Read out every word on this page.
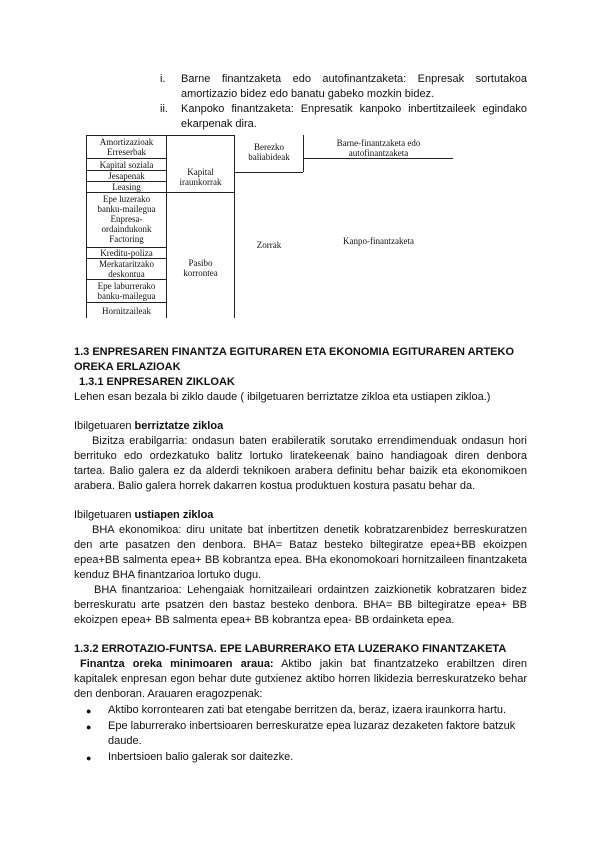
i.	Barne finantzaketa edo autofinantzaketa: Enpresak sortutakoa
amortizazio bidez edo banatu gabeko mozkin bidez.
ii.	Kanpoko finantzaketa: Enpresatik kanpoko inbertitzaileek egindako
ekarpenak dira.
Amortizazioak
Erreserbak
Kapital soziala
Jesapenak
Leasing
Epe luzerako
banku-mailegua
Enpresa-
ordaindukonk
Factoring
Kreditu-poliza
Merkataritzako
deskontua
Epe laburrerako
banku-mailegua
Hornitzaileak
Kapital
iraunkorrak
Pasibo
korrontea
Berezko
baliabideak
Zorrak
Barne-finantzaketa edo
autofinantzaketa
Kanpo-finantzaketa
1.3 ENPRESAREN FINANTZA EGITURAREN ETA EKONOMIA EGITURAREN ARTEKO
OREKA ERLAZIOAK
1.3.1 ENPRESAREN ZIKLOAK
Lehen esan bezala bi ziklo daude ( ibilgetuaren berriztatze zikloa eta ustiapen zikloa.)
Ibilgetuaren berriztatze zikloa
Bizitza erabilgarria: ondasun baten erabileratik sorutako errendimenduak ondasun hori
berrituko edo ordezkatuko balitz lortuko liratekeenak baino handiagoak diren denbora
tartea. Balio galera ez da alderdi teknikoen arabera definitu behar baizik eta ekonomikoen
arabera. Balio galera horrek dakarren kostua produktuen kostura pasatu behar da.
Ibilgetuaren ustiapen zikloa
BHA ekonomikoa: diru unitate bat inbertitzen denetik kobratzarenbidez berreskuratzen
den arte pasatzen den denbora. BHA= Bataz besteko biltegiratze epea+BB ekoizpen
epea+BB salmenta epea+ BB kobrantza epea. BHa ekonomokoari hornitzaileen finantzaketa
kenduz BHA finantzarioa lortuko dugu.
BHA finantzarioa: Lehengaiak hornitzaileari ordaintzen zaizkionetik kobratzaren bidez
berreskuratu arte psatzen den bastaz besteko denbora. BHA= BB biltegiratze epea+ BB
ekoizpen epea+ BB salmenta epea+ BB kobrantza epea- BB ordainketa epea.
1.3.2 ERROTAZIO-FUNTSA. EPE LABURRERAKO ETA LUZERAKO FINANTZAKETA
Finantza oreka minimoaren araua: Aktibo jakin bat finantzatzeko erabiltzen diren
kapitalek enpresan egon behar dute gutxienez aktibo horren likidezia berreskuratzeko behar
den denboran. Arauaren eragozpenak:
● Aktibo korrontearen zati bat etengabe berritzen da, beraz, izaera iraunkorra hartu.
● Epe laburrerako inbertsioaren berreskuratze epea luzaraz dezaketen faktore batzuk
daude.
● Inbertsioen balio galerak sor daitezke.
